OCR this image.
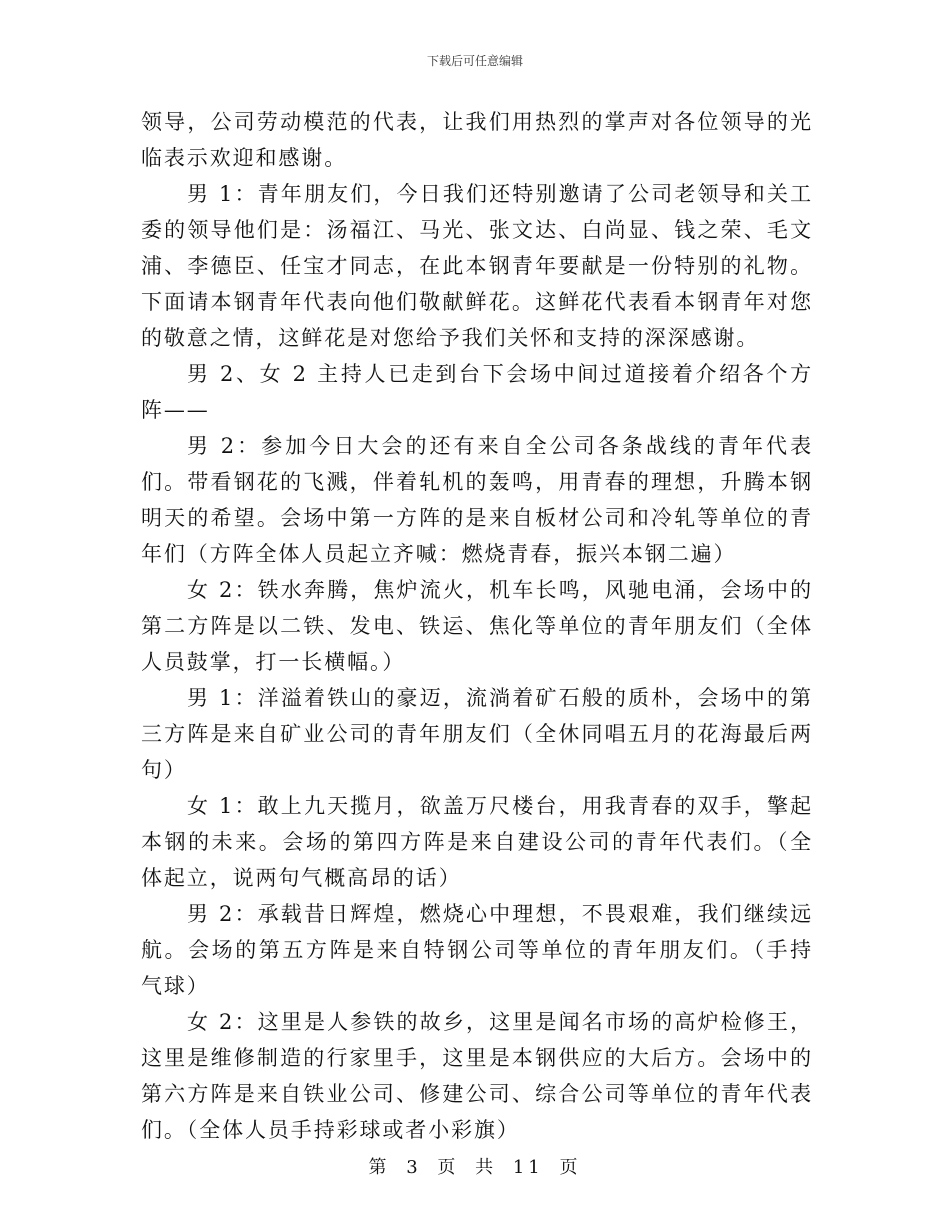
下载后可任意编辑

领导，公司劳动模范的代表，让我们用热烈的掌声对各位领导的光临表示欢迎和感谢。

男 1：青年朋友们，今日我们还特别邀请了公司老领导和关工委的领导他们是：汤福江、马光、张文达、白尚显、钱之荣、毛文浦、李德臣、任宝才同志，在此本钢青年要献是一份特别的礼物。下面请本钢青年代表向他们敬献鲜花。这鲜花代表看本钢青年对您的敬意之情，这鲜花是对您给予我们关怀和支持的深深感谢。

男 2、女 2 主持人已走到台下会场中间过道接着介绍各个方阵——

男 2：参加今日大会的还有来自全公司各条战线的青年代表们。带看钢花的飞溅，伴着轧机的轰鸣，用青春的理想，升腾本钢明天的希望。会场中第一方阵的是来自板材公司和冷轧等单位的青年们（方阵全体人员起立齐喊：燃烧青春，振兴本钢二遍）

女 2：铁水奔腾，焦炉流火，机车长鸣，风驰电涌，会场中的第二方阵是以二铁、发电、铁运、焦化等单位的青年朋友们（全体人员鼓掌，打一长横幅。）

男 1：洋溢着铁山的豪迈，流淌着矿石般的质朴，会场中的第三方阵是来自矿业公司的青年朋友们（全休同唱五月的花海最后两句）

女 1：敢上九天揽月，欲盖万尺楼台，用我青春的双手，擎起本钢的未来。会场的第四方阵是来自建设公司的青年代表们。（全体起立，说两句气概高昂的话）

男 2：承载昔日辉煌，燃烧心中理想，不畏艰难，我们继续远航。会场的第五方阵是来自特钢公司等单位的青年朋友们。（手持气球）

女 2：这里是人参铁的故乡，这里是闻名市场的高炉检修王，这里是维修制造的行家里手，这里是本钢供应的大后方。会场中的第六方阵是来自铁业公司、修建公司、综合公司等单位的青年代表们。（全体人员手持彩球或者小彩旗）

第 3 页 共 11 页
